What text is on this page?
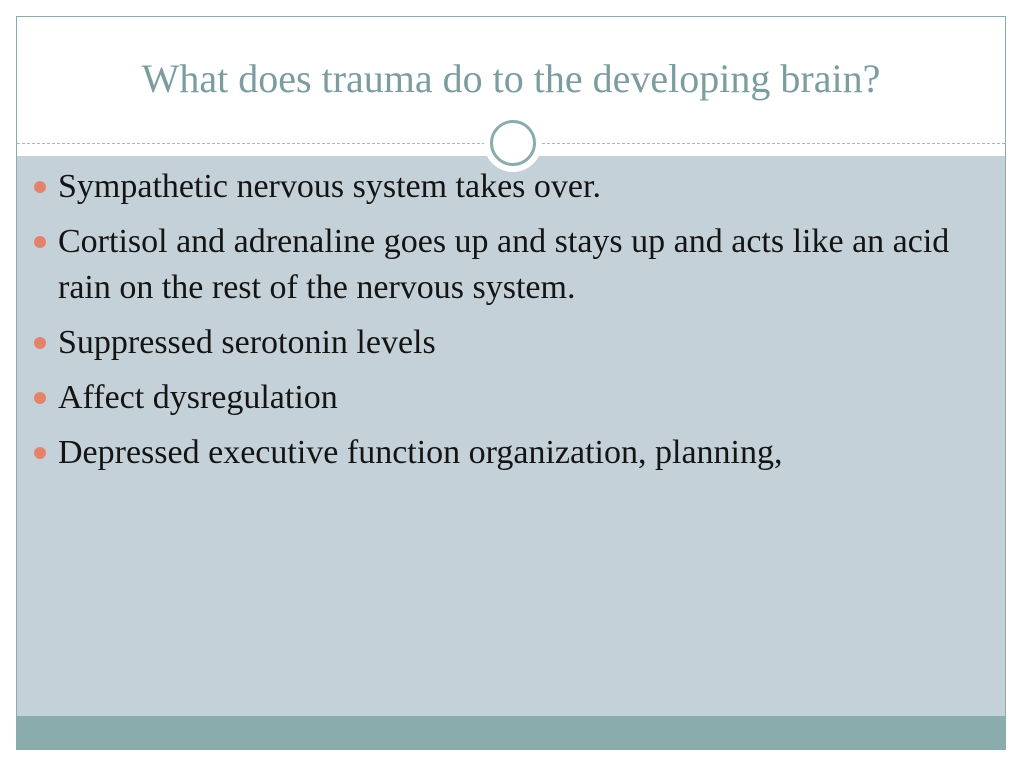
What does trauma do to the developing brain?
Sympathetic nervous system takes over.
Cortisol and adrenaline goes up and stays up and acts like an acid rain on the rest of the nervous system.
Suppressed serotonin levels
Affect dysregulation
Depressed executive function organization, planning,
